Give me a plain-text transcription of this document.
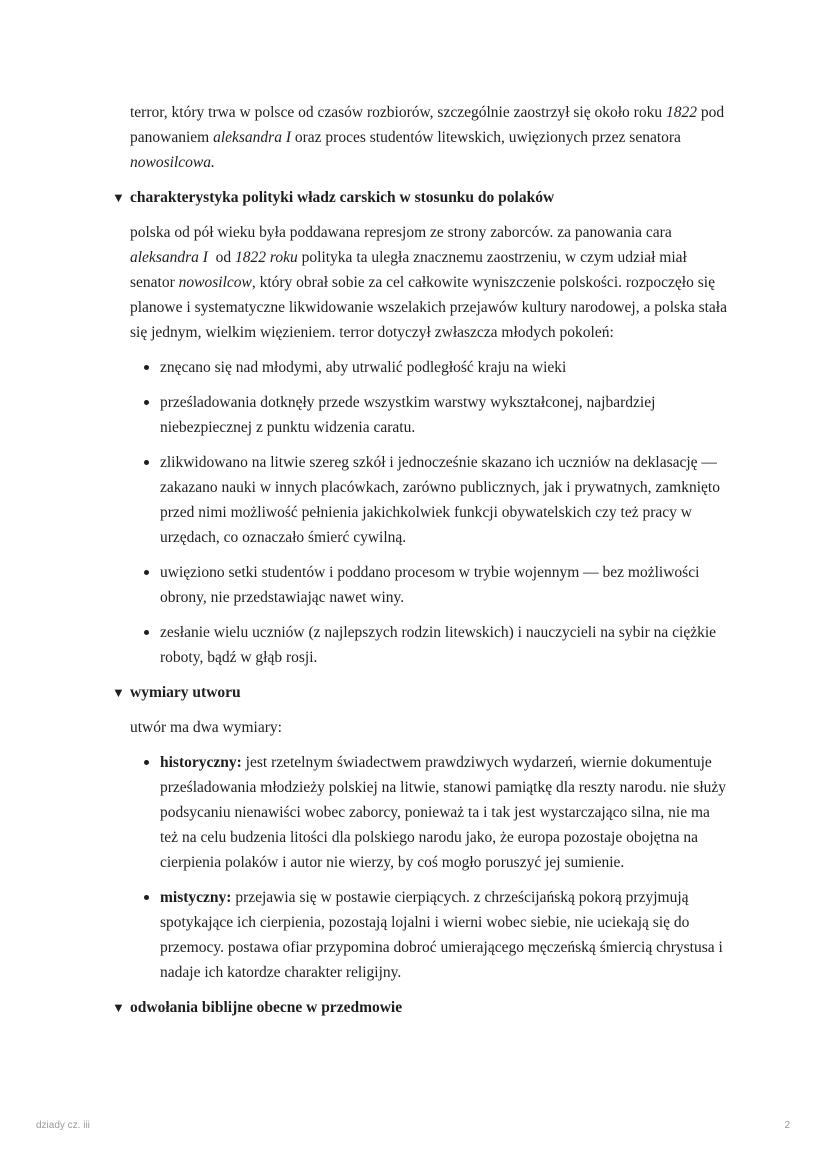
terror, który trwa w polsce od czasów rozbiorów, szczególnie zaostrzył się około roku 1822 pod panowaniem aleksandra I oraz proces studentów litewskich, uwięzionych przez senatora nowosilcowa.

▼ charakterystyka polityki władz carskich w stosunku do polaków

polska od pół wieku była poddawana represjom ze strony zaborców. za panowania cara aleksandra I  od 1822 roku polityka ta uległa znacznemu zaostrzeniu, w czym udział miał senator nowosilcow, który obrał sobie za cel całkowite wyniszczenie polskości. rozpoczęło się planowe i systematyczne likwidowanie wszelakich przejawów kultury narodowej, a polska stała się jednym, wielkim więzieniem. terror dotyczył zwłaszcza młodych pokoleń:

znęcano się nad młodymi, aby utrwalić podległość kraju na wieki
prześladowania dotknęły przede wszystkim warstwy wykształconej, najbardziej niebezpiecznej z punktu widzenia caratu.
zlikwidowano na litwie szereg szkół i jednocześnie skazano ich uczniów na deklasację — zakazano nauki w innych placówkach, zarówno publicznych, jak i prywatnych, zamknięto przed nimi możliwość pełnienia jakichkolwiek funkcji obywatelskich czy też pracy w urzędach, co oznaczało śmierć cywilną.
uwięziono setki studentów i poddano procesom w trybie wojennym — bez możliwości obrony, nie przedstawiając nawet winy.
zesłanie wielu uczniów (z najlepszych rodzin litewskich) i nauczycieli na sybir na ciężkie roboty, bądź w głąb rosji.
▼ wymiary utworu

utwór ma dwa wymiary:

historyczny: jest rzetelnym świadectwem prawdziwych wydarzeń, wiernie dokumentuje prześladowania młodzieży polskiej na litwie, stanowi pamiątkę dla reszty narodu. nie służy podsycaniu nienawiści wobec zaborcy, ponieważ ta i tak jest wystarczająco silna, nie ma też na celu budzenia litości dla polskiego narodu jako, że europa pozostaje obojętna na cierpienia polaków i autor nie wierzy, by coś mogło poruszyć jej sumienie.
mistyczny: przejawia się w postawie cierpiących. z chrześcijańską pokorą przyjmują spotykające ich cierpienia, pozostają lojalni i wierni wobec siebie, nie uciekają się do przemocy. postawa ofiar przypomina dobroć umierającego męczeńską śmiercią chrystusa i nadaje ich katordze charakter religijny.
▼ odwołania biblijne obecne w przedmowie
dziady cz. iii	2
